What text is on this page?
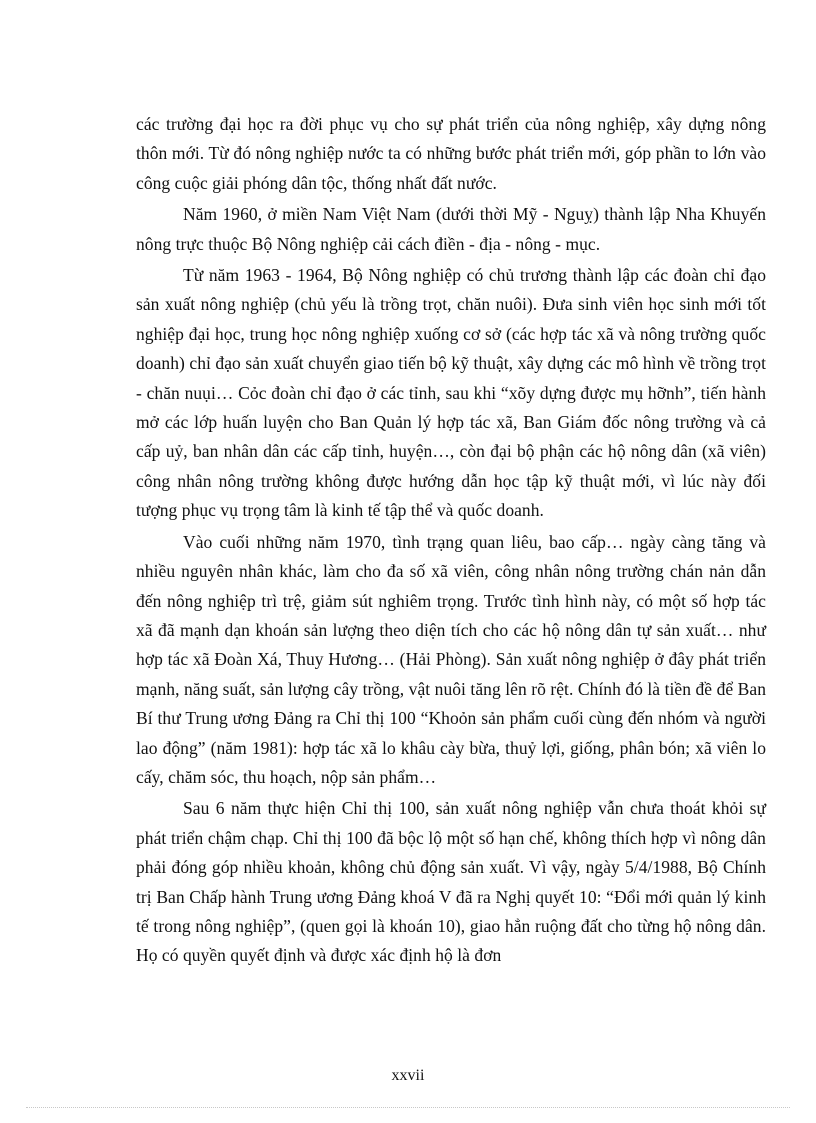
các trường đại học ra đời phục vụ cho sự phát triển của nông nghiệp, xây dựng nông thôn mới. Từ đó nông nghiệp nước ta có những bước phát triển mới, góp phần to lớn vào công cuộc giải phóng dân tộc, thống nhất đất nước.

Năm 1960, ở miền Nam Việt Nam (dưới thời Mỹ - Nguỵ) thành lập Nha Khuyến nông trực thuộc Bộ Nông nghiệp cải cách điền - địa - nông - mục.

Từ năm 1963 - 1964, Bộ Nông nghiệp có chủ trương thành lập các đoàn chỉ đạo sản xuất nông nghiệp (chủ yếu là trồng trọt, chăn nuôi). Đưa sinh viên học sinh mới tốt nghiệp đại học, trung học nông nghiệp xuống cơ sở (các hợp tác xã và nông trường quốc doanh) chỉ đạo sản xuất chuyển giao tiến bộ kỹ thuật, xây dựng các mô hình về trồng trọt - chăn nuụi… Cỏc đoàn chỉ đạo ở các tỉnh, sau khi “xõy dựng được mụ hỡnh”, tiến hành mở các lớp huấn luyện cho Ban Quản lý hợp tác xã, Ban Giám đốc nông trường và cả cấp uỷ, ban nhân dân các cấp tỉnh, huyện…, còn đại bộ phận các hộ nông dân (xã viên) công nhân nông trường không được hướng dẫn học tập kỹ thuật mới, vì lúc này đối tượng phục vụ trọng tâm là kinh tế tập thể và quốc doanh.

Vào cuối những năm 1970, tình trạng quan liêu, bao cấp… ngày càng tăng và nhiều nguyên nhân khác, làm cho đa số xã viên, công nhân nông trường chán nản dẫn đến nông nghiệp trì trệ, giảm sút nghiêm trọng. Trước tình hình này, có một số hợp tác xã đã mạnh dạn khoán sản lượng theo diện tích cho các hộ nông dân tự sản xuất… như hợp tác xã Đoàn Xá, Thuy Hương… (Hải Phòng). Sản xuất nông nghiệp ở đây phát triển mạnh, năng suất, sản lượng cây trồng, vật nuôi tăng lên rõ rệt. Chính đó là tiền đề để Ban Bí thư Trung ương Đảng ra Chỉ thị 100 “Khoỏn sản phẩm cuối cùng đến nhóm và người lao động” (năm 1981): hợp tác xã lo khâu cày bừa, thuỷ lợi, giống, phân bón; xã viên lo cấy, chăm sóc, thu hoạch, nộp sản phẩm…

Sau 6 năm thực hiện Chỉ thị 100, sản xuất nông nghiệp vẫn chưa thoát khỏi sự phát triển chậm chạp. Chỉ thị 100 đã bộc lộ một số hạn chế, không thích hợp vì nông dân phải đóng góp nhiều khoản, không chủ động sản xuất. Vì vậy, ngày 5/4/1988, Bộ Chính trị Ban Chấp hành Trung ương Đảng khoá V đã ra Nghị quyết 10: “Đổi mới quản lý kinh tế trong nông nghiệp”, (quen gọi là khoán 10), giao hẳn ruộng đất cho từng hộ nông dân. Họ có quyền quyết định và được xác định hộ là đơn

xxvii
